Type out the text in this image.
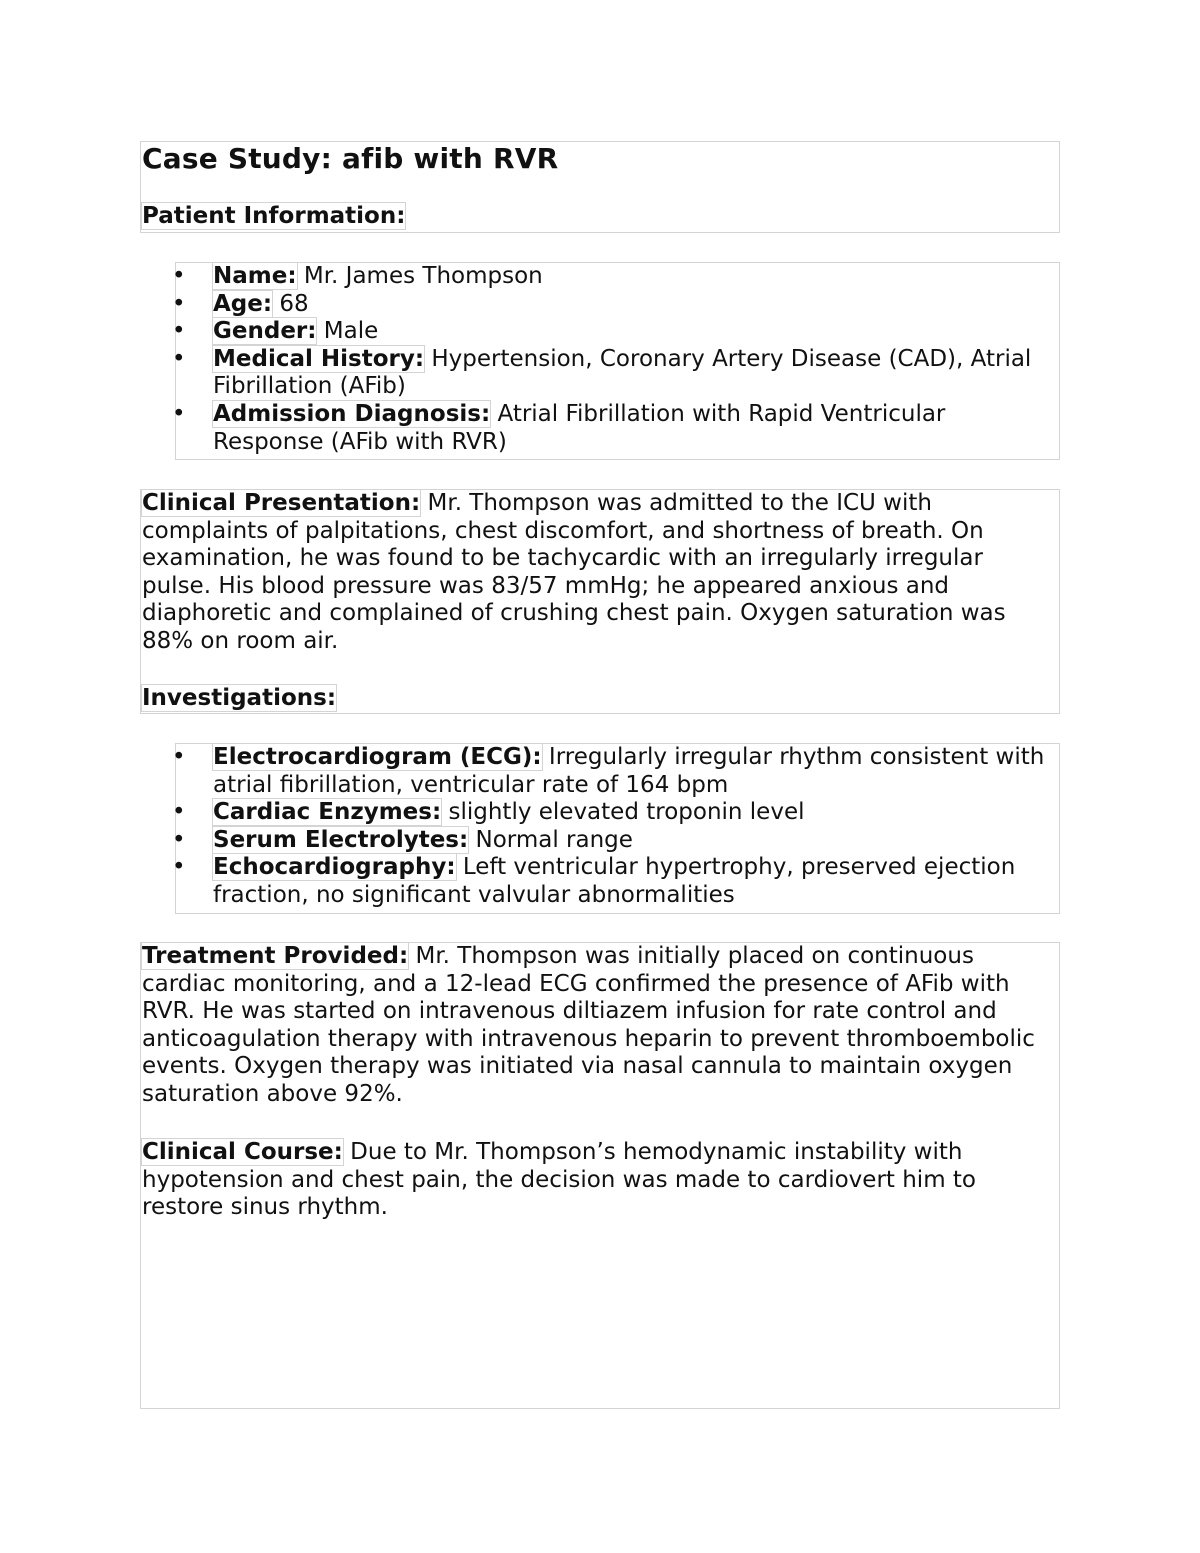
Case Study: afib with RVR
Patient Information:
• Name: Mr. James Thompson
• Age: 68
• Gender: Male
• Medical History: Hypertension, Coronary Artery Disease (CAD), Atrial Fibrillation (AFib)
• Admission Diagnosis: Atrial Fibrillation with Rapid Ventricular Response (AFib with RVR)

Clinical Presentation: Mr. Thompson was admitted to the ICU with complaints of palpitations, chest discomfort, and shortness of breath. On examination, he was found to be tachycardic with an irregularly irregular pulse. His blood pressure was 83/57 mmHg; he appeared anxious and diaphoretic and complained of crushing chest pain. Oxygen saturation was 88% on room air.

Investigations:
• Electrocardiogram (ECG): Irregularly irregular rhythm consistent with atrial fibrillation, ventricular rate of 164 bpm
• Cardiac Enzymes: slightly elevated troponin level
• Serum Electrolytes: Normal range
• Echocardiography: Left ventricular hypertrophy, preserved ejection fraction, no significant valvular abnormalities

Treatment Provided: Mr. Thompson was initially placed on continuous cardiac monitoring, and a 12-lead ECG confirmed the presence of AFib with RVR. He was started on intravenous diltiazem infusion for rate control and anticoagulation therapy with intravenous heparin to prevent thromboembolic events. Oxygen therapy was initiated via nasal cannula to maintain oxygen saturation above 92%.

Clinical Course: Due to Mr. Thompson’s hemodynamic instability with hypotension and chest pain, the decision was made to cardiovert him to restore sinus rhythm.
